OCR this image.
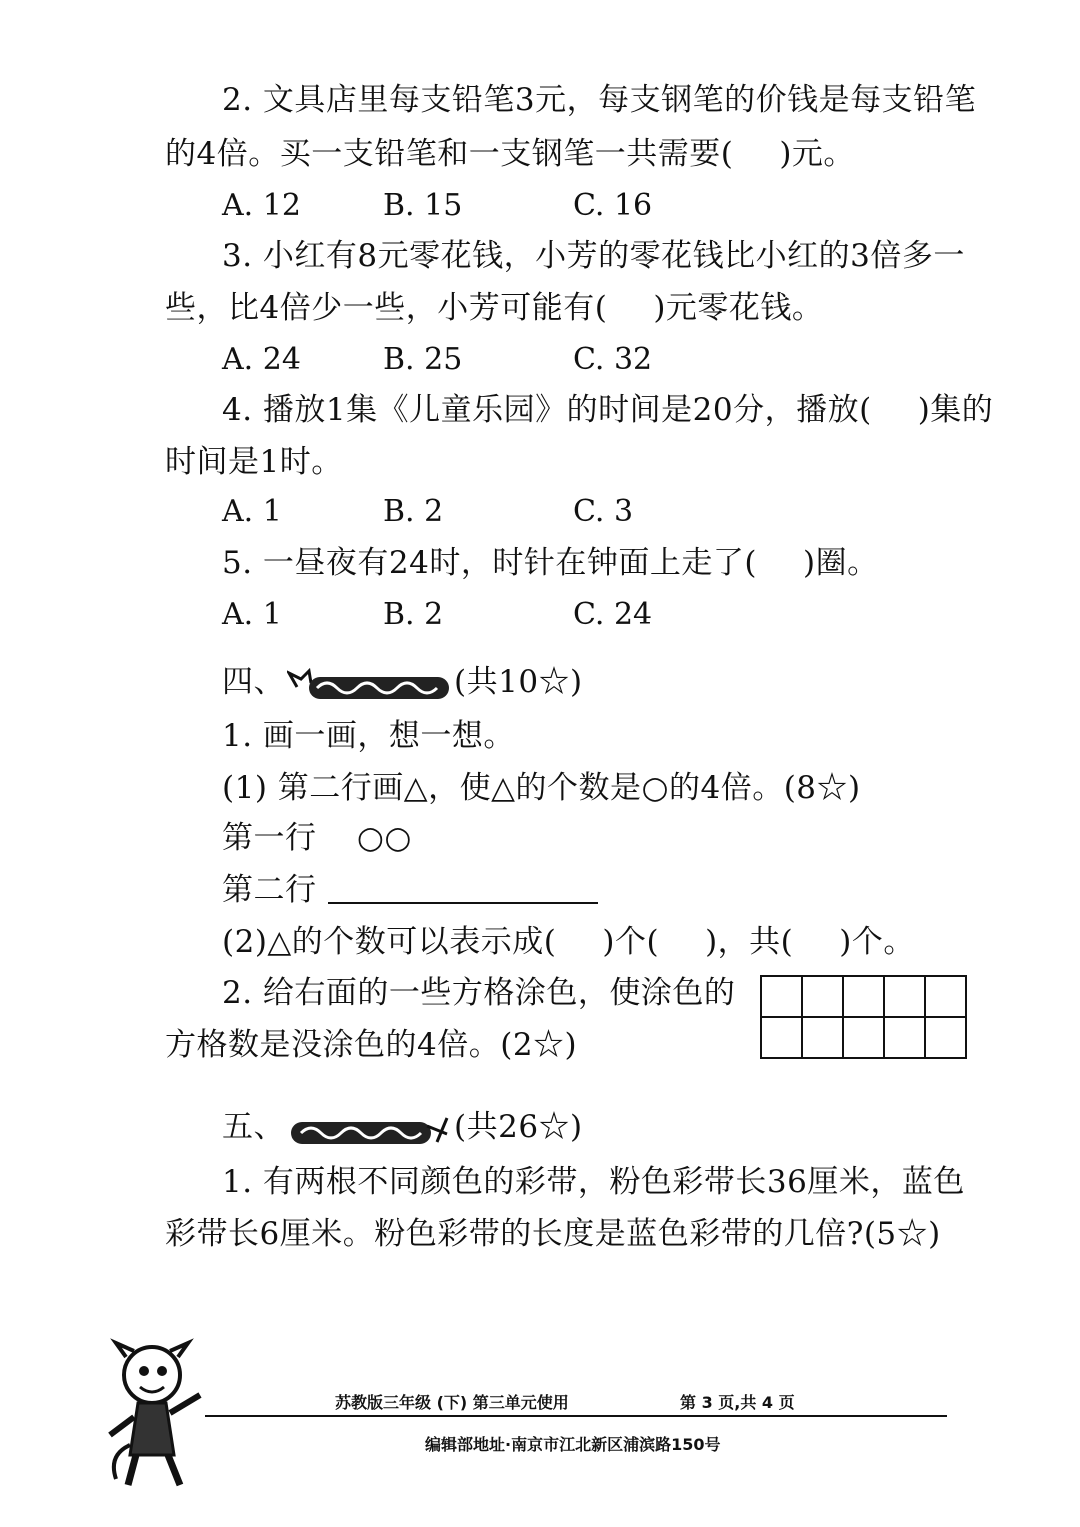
2. 文具店里每支铅笔3元，每支钢笔的价钱是每支铅笔
的4倍。买一支铅笔和一支钢笔一共需要( )元。
A. 12	B. 15	C. 16
3. 小红有8元零花钱，小芳的零花钱比小红的3倍多一
些，比4倍少一些，小芳可能有( )元零花钱。
A. 24	B. 25	C. 32
4. 播放1集《儿童乐园》的时间是20分，播放( )集的
时间是1时。
A. 1	B. 2	C. 3
5. 一昼夜有24时，时针在钟面上走了( )圈。
A. 1	B. 2	C. 24
四、	(共10☆)
1. 画一画，想一想。
(1) 第二行画△，使△的个数是○的4倍。(8☆)
第一行 ○○
第二行
(2)△的个数可以表示成( )个( )，共( )个。
2. 给右面的一些方格涂色，使涂色的
方格数是没涂色的4倍。(2☆)
五、	(共26☆)
1. 有两根不同颜色的彩带，粉色彩带长36厘米，蓝色
彩带长6厘米。粉色彩带的长度是蓝色彩带的几倍?(5☆)
苏教版三年级 (下) 第三单元使用	第 3 页,共 4 页
编辑部地址·南京市江北新区浦滨路150号
